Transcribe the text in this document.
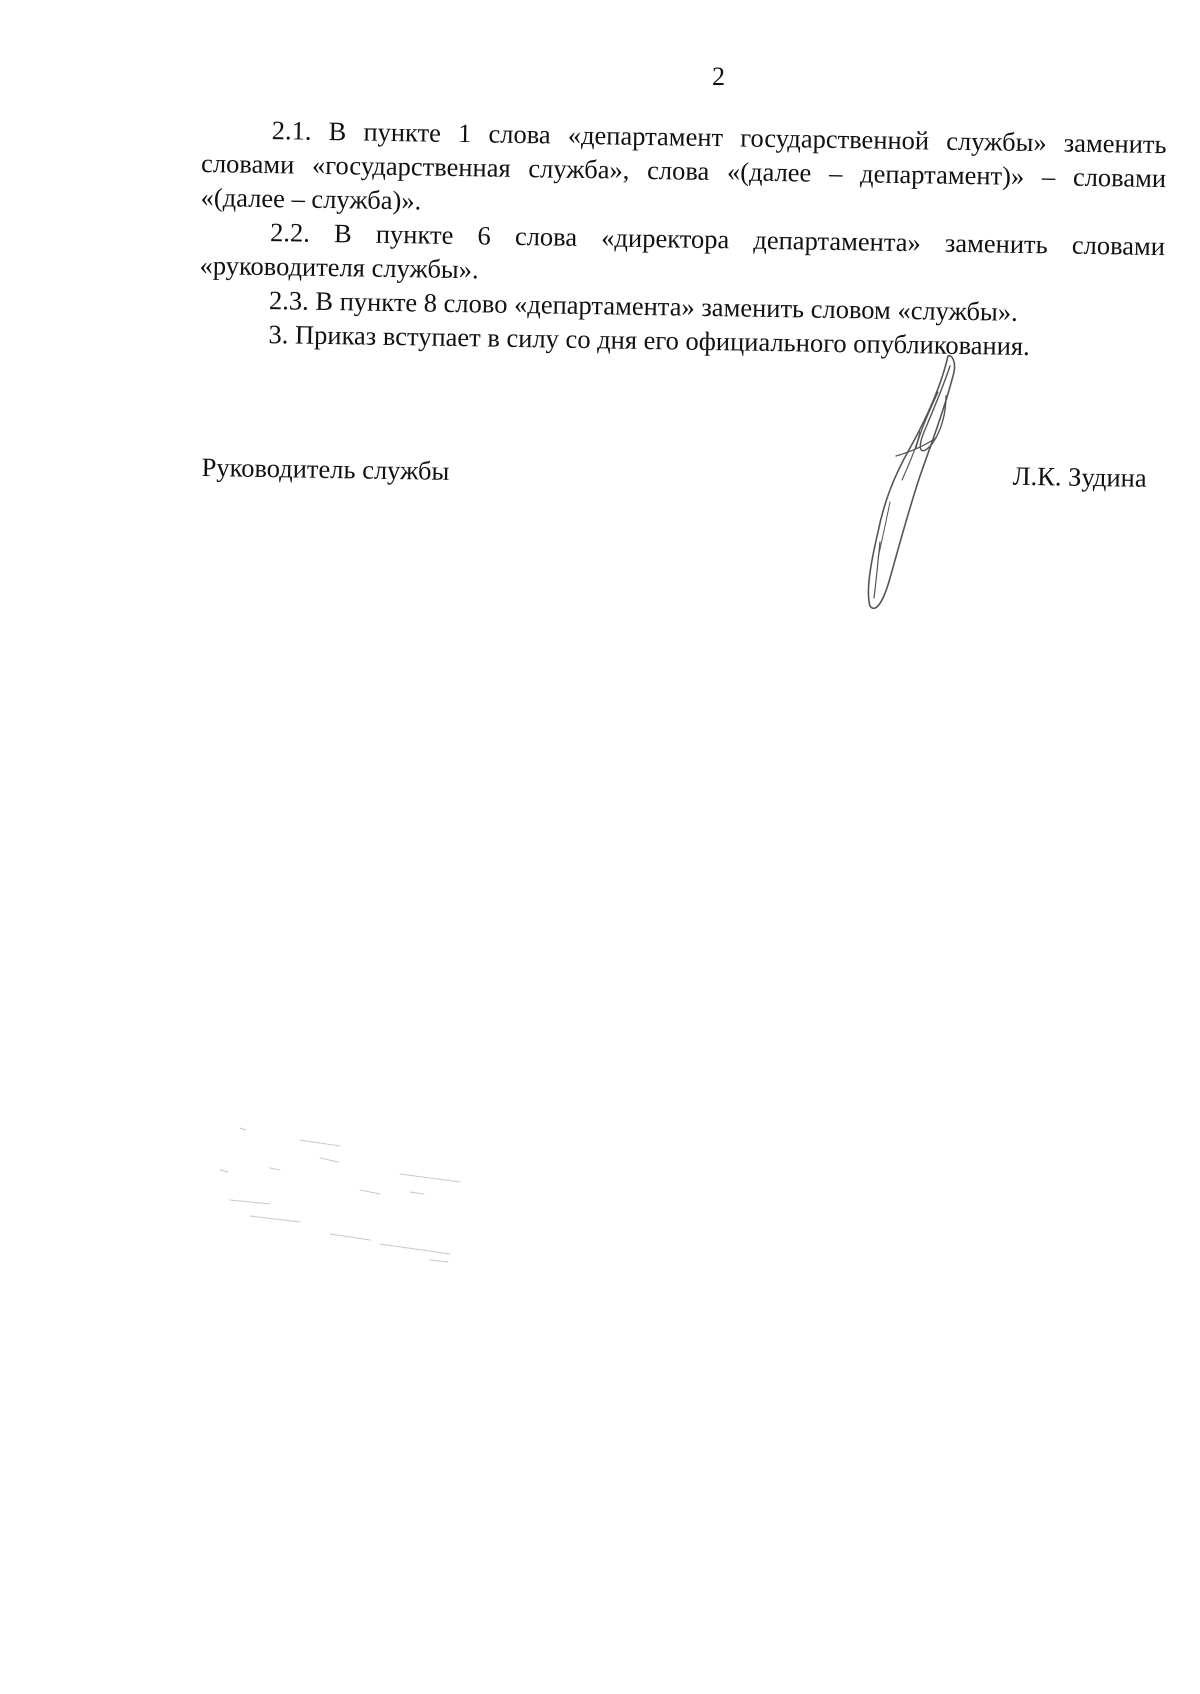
2

2.1. В пункте 1 слова «департамент государственной службы» заменить словами «государственная служба», слова «(далее – департамент)» – словами «(далее – служба)».

2.2. В пункте 6 слова «директора департамента» заменить словами «руководителя службы».

2.3. В пункте 8 слово «департамента» заменить словом «службы».

3. Приказ вступает в силу со дня его официального опубликования.

Руководитель службы	Л.К. Зудина
